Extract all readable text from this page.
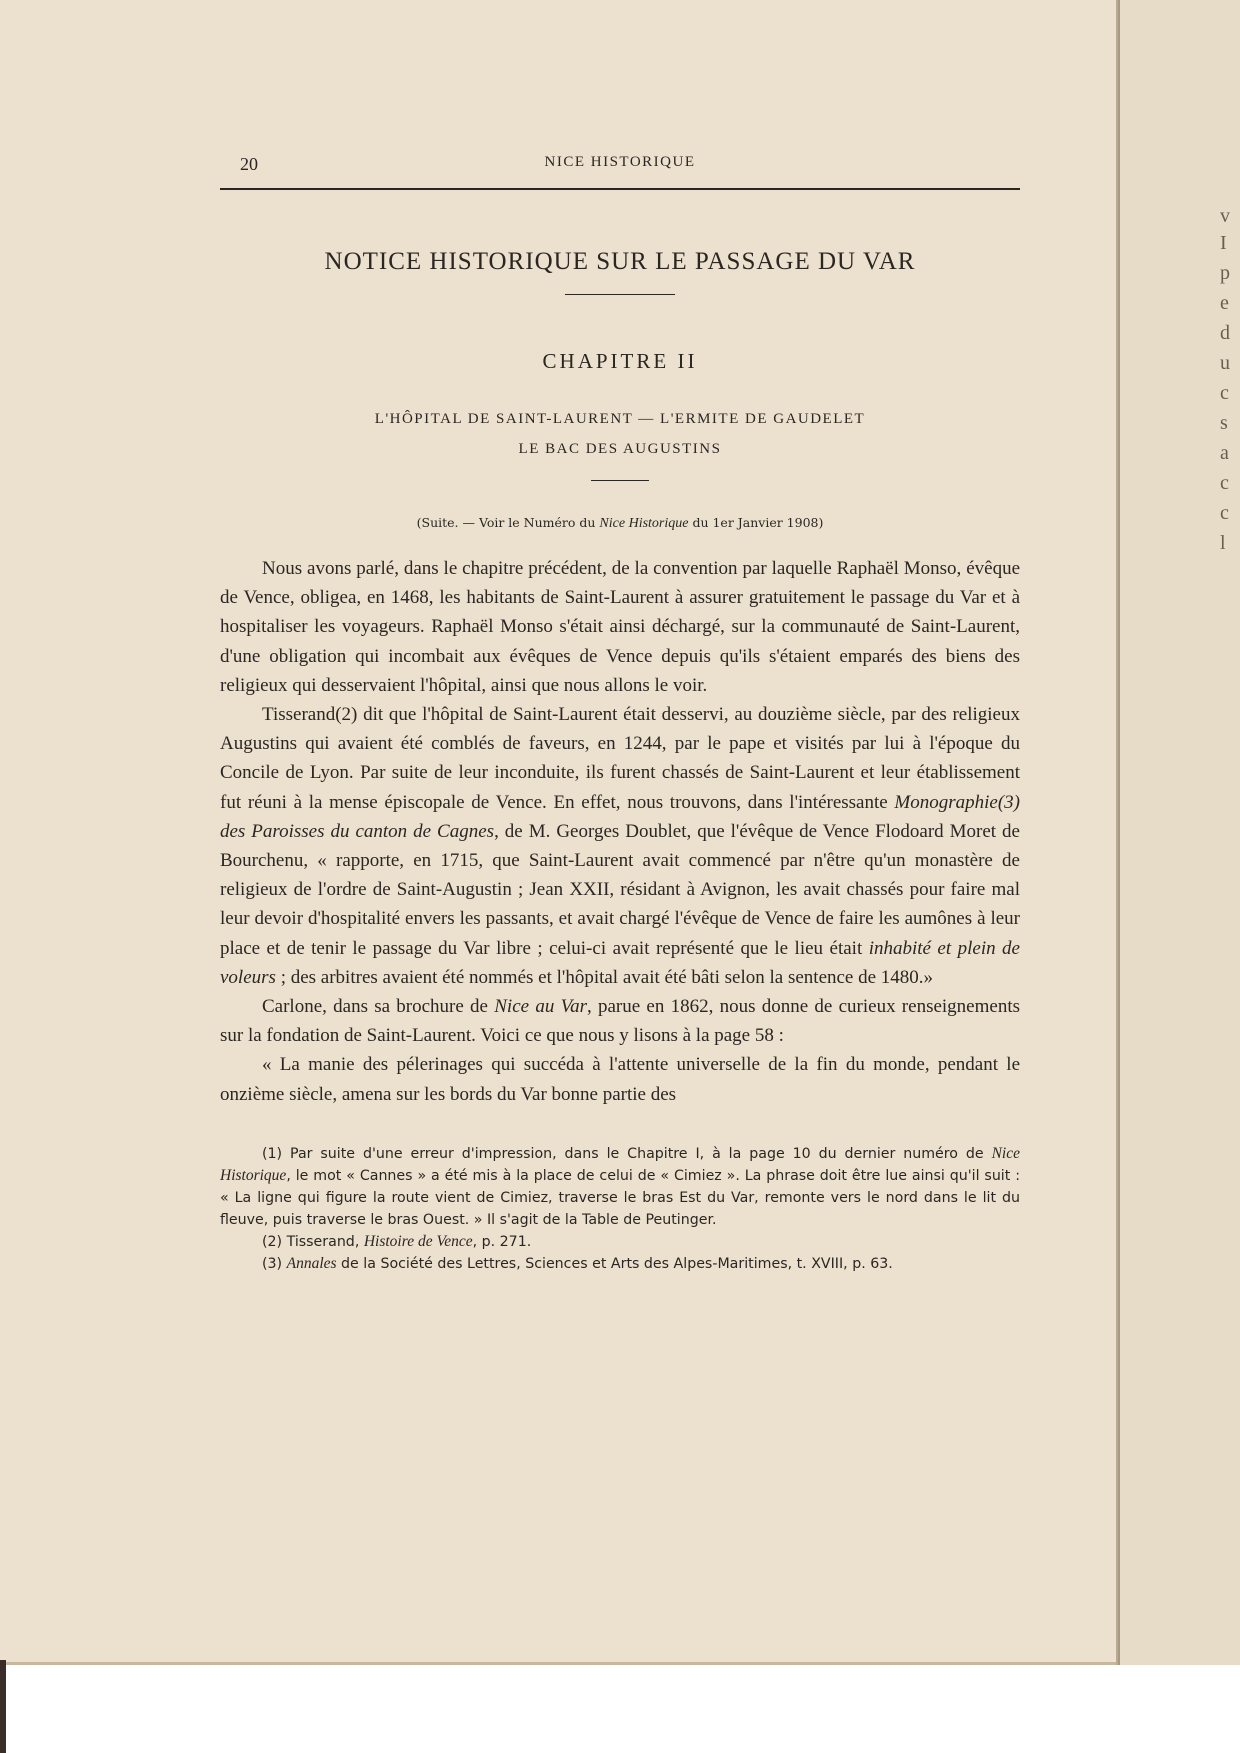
v
I
p
e
d
u
c
s
a
c
c
l
20	NICE HISTORIQUE
NOTICE HISTORIQUE SUR LE PASSAGE DU VAR
CHAPITRE II
L'HÔPITAL DE SAINT-LAURENT — L'ERMITE DE GAUDELET
LE BAC DES AUGUSTINS
(Suite. — Voir le Numéro du Nice Historique du 1er Janvier 1908)

Nous avons parlé, dans le chapitre précédent, de la convention par laquelle Raphaël Monso, évêque de Vence, obligea, en 1468, les habitants de Saint-Laurent à assurer gratuitement le passage du Var et à hospitaliser les voyageurs. Raphaël Monso s'était ainsi déchargé, sur la communauté de Saint-Laurent, d'une obligation qui incombait aux évêques de Vence depuis qu'ils s'étaient emparés des biens des religieux qui desservaient l'hôpital, ainsi que nous allons le voir.

Tisserand(2) dit que l'hôpital de Saint-Laurent était desservi, au douzième siècle, par des religieux Augustins qui avaient été comblés de faveurs, en 1244, par le pape et visités par lui à l'époque du Concile de Lyon. Par suite de leur inconduite, ils furent chassés de Saint-Laurent et leur établissement fut réuni à la mense épiscopale de Vence. En effet, nous trouvons, dans l'intéressante Monographie(3) des Paroisses du canton de Cagnes, de M. Georges Doublet, que l'évêque de Vence Flodoard Moret de Bourchenu, « rapporte, en 1715, que Saint-Laurent avait commencé par n'être qu'un monastère de religieux de l'ordre de Saint-Augustin ; Jean XXII, résidant à Avignon, les avait chassés pour faire mal leur devoir d'hospitalité envers les passants, et avait chargé l'évêque de Vence de faire les aumônes à leur place et de tenir le passage du Var libre ; celui-ci avait représenté que le lieu était inhabité et plein de voleurs ; des arbitres avaient été nommés et l'hôpital avait été bâti selon la sentence de 1480.»

Carlone, dans sa brochure de Nice au Var, parue en 1862, nous donne de curieux renseignements sur la fondation de Saint-Laurent. Voici ce que nous y lisons à la page 58 :

« La manie des pélerinages qui succéda à l'attente universelle de la fin du monde, pendant le onzième siècle, amena sur les bords du Var bonne partie des

(1) Par suite d'une erreur d'impression, dans le Chapitre I, à la page 10 du dernier numéro de Nice Historique, le mot « Cannes » a été mis à la place de celui de « Cimiez ». La phrase doit être lue ainsi qu'il suit : « La ligne qui figure la route vient de Cimiez, traverse le bras Est du Var, remonte vers le nord dans le lit du fleuve, puis traverse le bras Ouest. » Il s'agit de la Table de Peutinger.

(2) Tisserand, Histoire de Vence, p. 271.

(3) Annales de la Société des Lettres, Sciences et Arts des Alpes-Maritimes, t. XVIII, p. 63.
